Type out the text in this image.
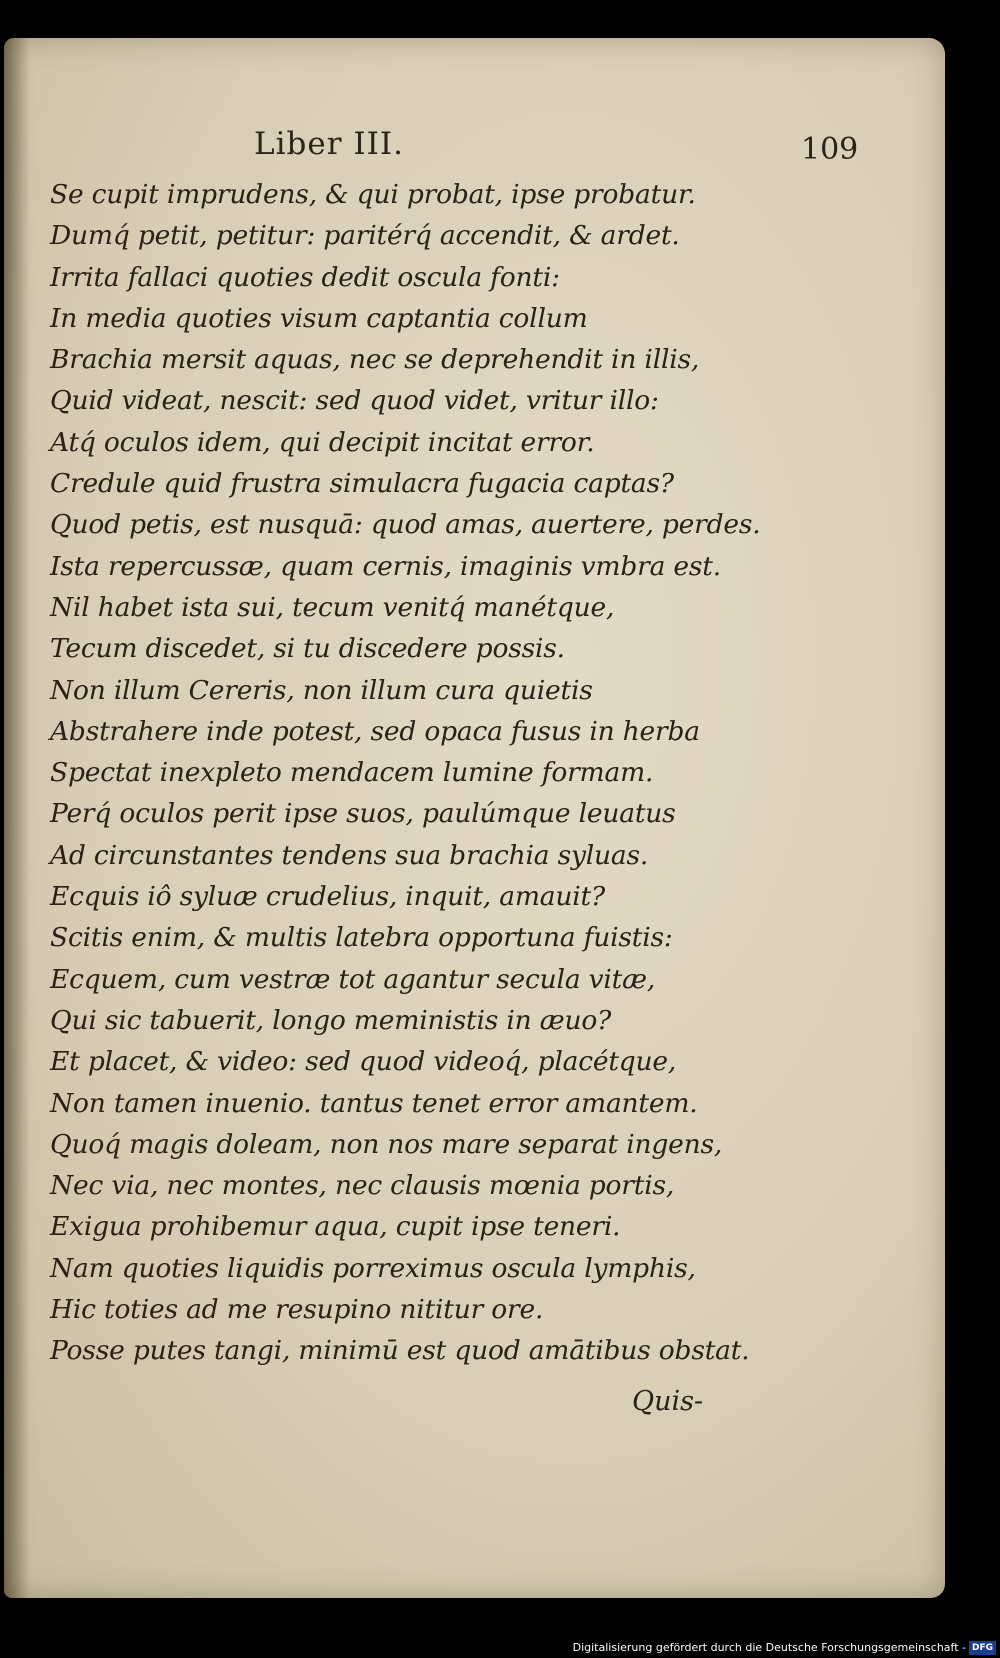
Liber III.	109
Se cupit imprudens, & qui probat, ipse probatur.
Dumq́ petit, petitur: paritérq́ accendit, & ardet.
Irrita fallaci quoties dedit oscula fonti:
In media quoties visum captantia collum
Brachia mersit aquas, nec se deprehendit in illis,
Quid videat, nescit: sed quod videt, vritur illo:
Atq́ oculos idem, qui decipit incitat error.
Credule quid frustra simulacra fugacia captas?
Quod petis, est nusquā: quod amas, auertere, perdes.
Ista repercussæ, quam cernis, imaginis vmbra est.
Nil habet ista sui, tecum venitq́ manétque,
Tecum discedet, si tu discedere possis.
Non illum Cereris, non illum cura quietis
Abstrahere inde potest, sed opaca fusus in herba
Spectat inexpleto mendacem lumine formam.
Perq́ oculos perit ipse suos, paulúmque leuatus
Ad circunstantes tendens sua brachia syluas.
Ecquis iô syluæ crudelius, inquit, amauit?
Scitis enim, & multis latebra opportuna fuistis:
Ecquem, cum vestræ tot agantur secula vitæ,
Qui sic tabuerit, longo meministis in æuo?
Et placet, & video: sed quod videoq́, placétque,
Non tamen inuenio. tantus tenet error amantem.
Quoq́ magis doleam, non nos mare separat ingens,
Nec via, nec montes, nec clausis mœnia portis,
Exigua prohibemur aqua, cupit ipse teneri.
Nam quoties liquidis porreximus oscula lymphis,
Hic toties ad me resupino nititur ore.
Posse putes tangi, minimū est quod amātibus obstat.
Quis-
Digitalisierung gefördert durch die Deutsche Forschungsgemeinschaft - DFG
